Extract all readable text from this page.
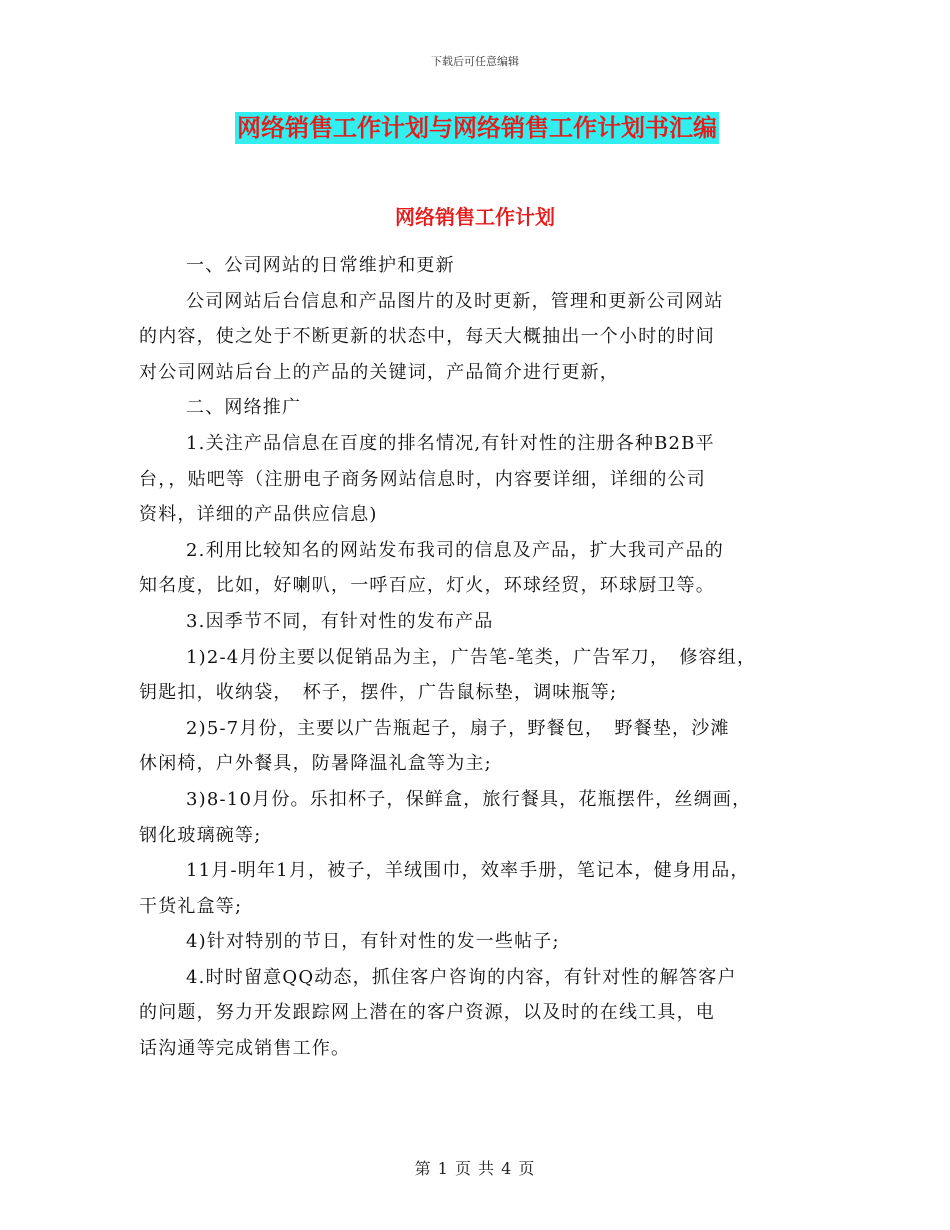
下载后可任意编辑
网络销售工作计划与网络销售工作计划书汇编
网络销售工作计划

一、公司网站的日常维护和更新

公司网站后台信息和产品图片的及时更新，管理和更新公司网站
的内容，使之处于不断更新的状态中，每天大概抽出一个小时的时间
对公司网站后台上的产品的关键词，产品简介进行更新，

二、网络推广

1.关注产品信息在百度的排名情况,有针对性的注册各种B2B平
台，，贴吧等（注册电子商务网站信息时，内容要详细，详细的公司
资料，详细的产品供应信息)

2.利用比较知名的网站发布我司的信息及产品，扩大我司产品的
知名度，比如，好喇叭，一呼百应，灯火，环球经贸，环球厨卫等。

3.因季节不同，有针对性的发布产品

1)2-4月份主要以促销品为主，广告笔-笔类，广告军刀，　修容组，
钥匙扣，收纳袋，　杯子，摆件，广告鼠标垫，调味瓶等;

2)5-7月份，主要以广告瓶起子，扇子，野餐包，　野餐垫，沙滩
休闲椅，户外餐具，防暑降温礼盒等为主;

3)8-10月份。乐扣杯子，保鲜盒，旅行餐具，花瓶摆件，丝绸画，
钢化玻璃碗等;

11月-明年1月，被子，羊绒围巾，效率手册，笔记本，健身用品，
干货礼盒等;

4)针对特别的节日，有针对性的发一些帖子;

4.时时留意QQ动态，抓住客户咨询的内容，有针对性的解答客户
的问题，努力开发跟踪网上潜在的客户资源，以及时的在线工具，电
话沟通等完成销售工作。

第 1 页 共 4 页
